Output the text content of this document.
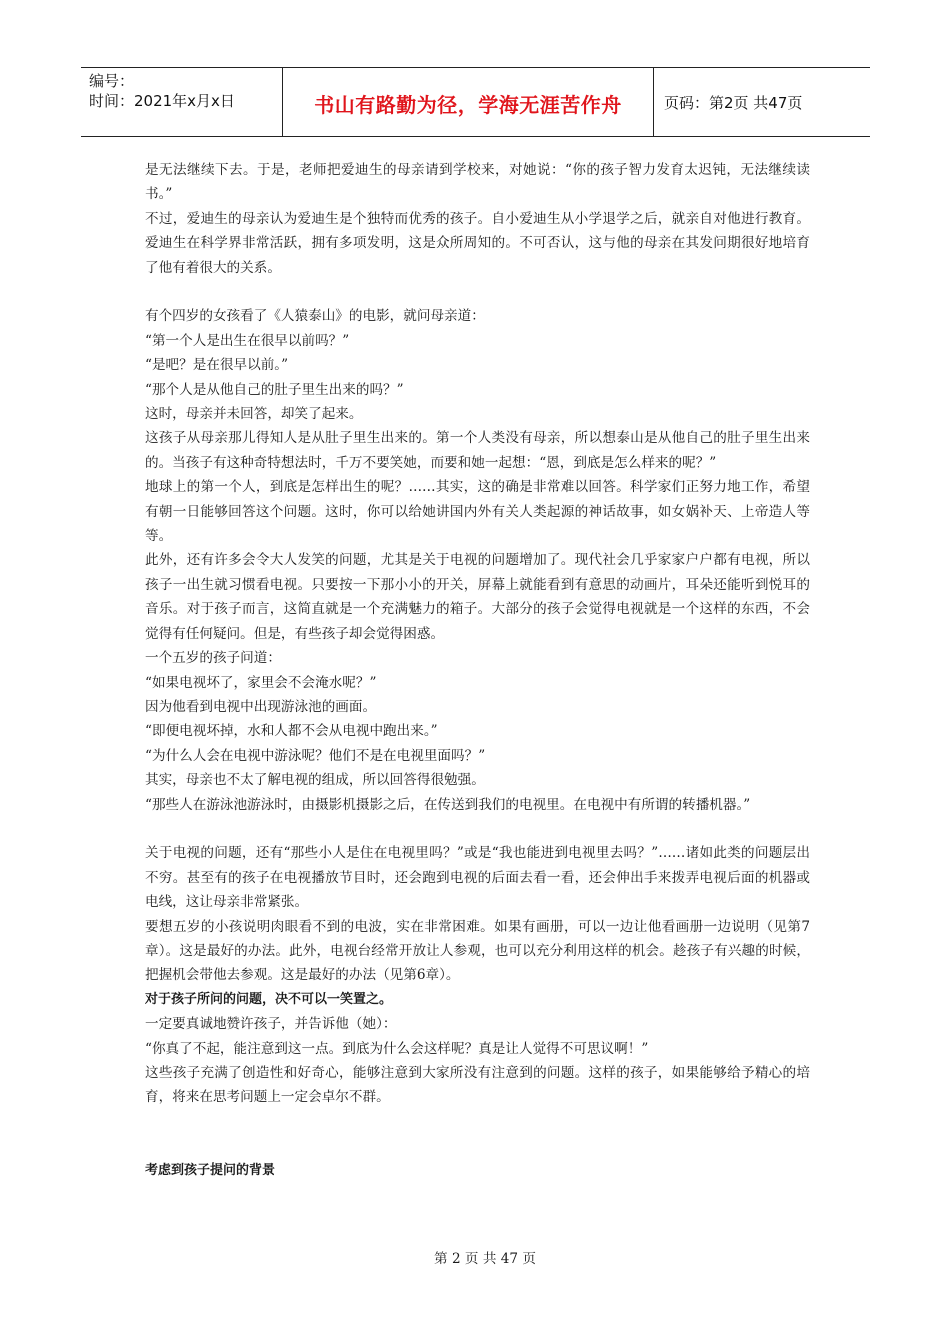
编号：
时间：2021年x月x日	书山有路勤为径，学海无涯苦作舟	页码：第2页 共47页

是无法继续下去。于是，老师把爱迪生的母亲请到学校来，对她说：“你的孩子智力发育太迟钝，无法继续读书。”

不过，爱迪生的母亲认为爱迪生是个独特而优秀的孩子。自小爱迪生从小学退学之后，就亲自对他进行教育。爱迪生在科学界非常活跃，拥有多项发明，这是众所周知的。不可否认，这与他的母亲在其发问期很好地培育了他有着很大的关系。

有个四岁的女孩看了《人猿泰山》的电影，就问母亲道：

“第一个人是出生在很早以前吗？”

“是吧？是在很早以前。”

“那个人是从他自己的肚子里生出来的吗？”

这时，母亲并未回答，却笑了起来。

这孩子从母亲那儿得知人是从肚子里生出来的。第一个人类没有母亲，所以想泰山是从他自己的肚子里生出来的。当孩子有这种奇特想法时，千万不要笑她，而要和她一起想：“恩，到底是怎么样来的呢？”

地球上的第一个人，到底是怎样出生的呢？……其实，这的确是非常难以回答。科学家们正努力地工作，希望有朝一日能够回答这个问题。这时，你可以给她讲国内外有关人类起源的神话故事，如女娲补天、上帝造人等等。

此外，还有许多会令大人发笑的问题，尤其是关于电视的问题增加了。现代社会几乎家家户户都有电视，所以孩子一出生就习惯看电视。只要按一下那小小的开关，屏幕上就能看到有意思的动画片，耳朵还能听到悦耳的音乐。对于孩子而言，这简直就是一个充满魅力的箱子。大部分的孩子会觉得电视就是一个这样的东西，不会觉得有任何疑问。但是，有些孩子却会觉得困惑。

一个五岁的孩子问道：

“如果电视坏了，家里会不会淹水呢？”

因为他看到电视中出现游泳池的画面。

“即便电视坏掉，水和人都不会从电视中跑出来。”

“为什么人会在电视中游泳呢？他们不是在电视里面吗？”

其实，母亲也不太了解电视的组成，所以回答得很勉强。

“那些人在游泳池游泳时，由摄影机摄影之后，在传送到我们的电视里。在电视中有所谓的转播机器。”

关于电视的问题，还有“那些小人是住在电视里吗？”或是“我也能进到电视里去吗？”……诸如此类的问题层出不穷。甚至有的孩子在电视播放节目时，还会跑到电视的后面去看一看，还会伸出手来拨弄电视后面的机器或电线，这让母亲非常紧张。

要想五岁的小孩说明肉眼看不到的电波，实在非常困难。如果有画册，可以一边让他看画册一边说明（见第7章）。这是最好的办法。此外，电视台经常开放让人参观，也可以充分利用这样的机会。趁孩子有兴趣的时候，把握机会带他去参观。这是最好的办法（见第6章）。

对于孩子所问的问题，决不可以一笑置之。

一定要真诚地赞许孩子，并告诉他（她）：

“你真了不起，能注意到这一点。到底为什么会这样呢？真是让人觉得不可思议啊！”

这些孩子充满了创造性和好奇心，能够注意到大家所没有注意到的问题。这样的孩子，如果能够给予精心的培育，将来在思考问题上一定会卓尔不群。

考虑到孩子提问的背景

第 2 页 共 47 页
